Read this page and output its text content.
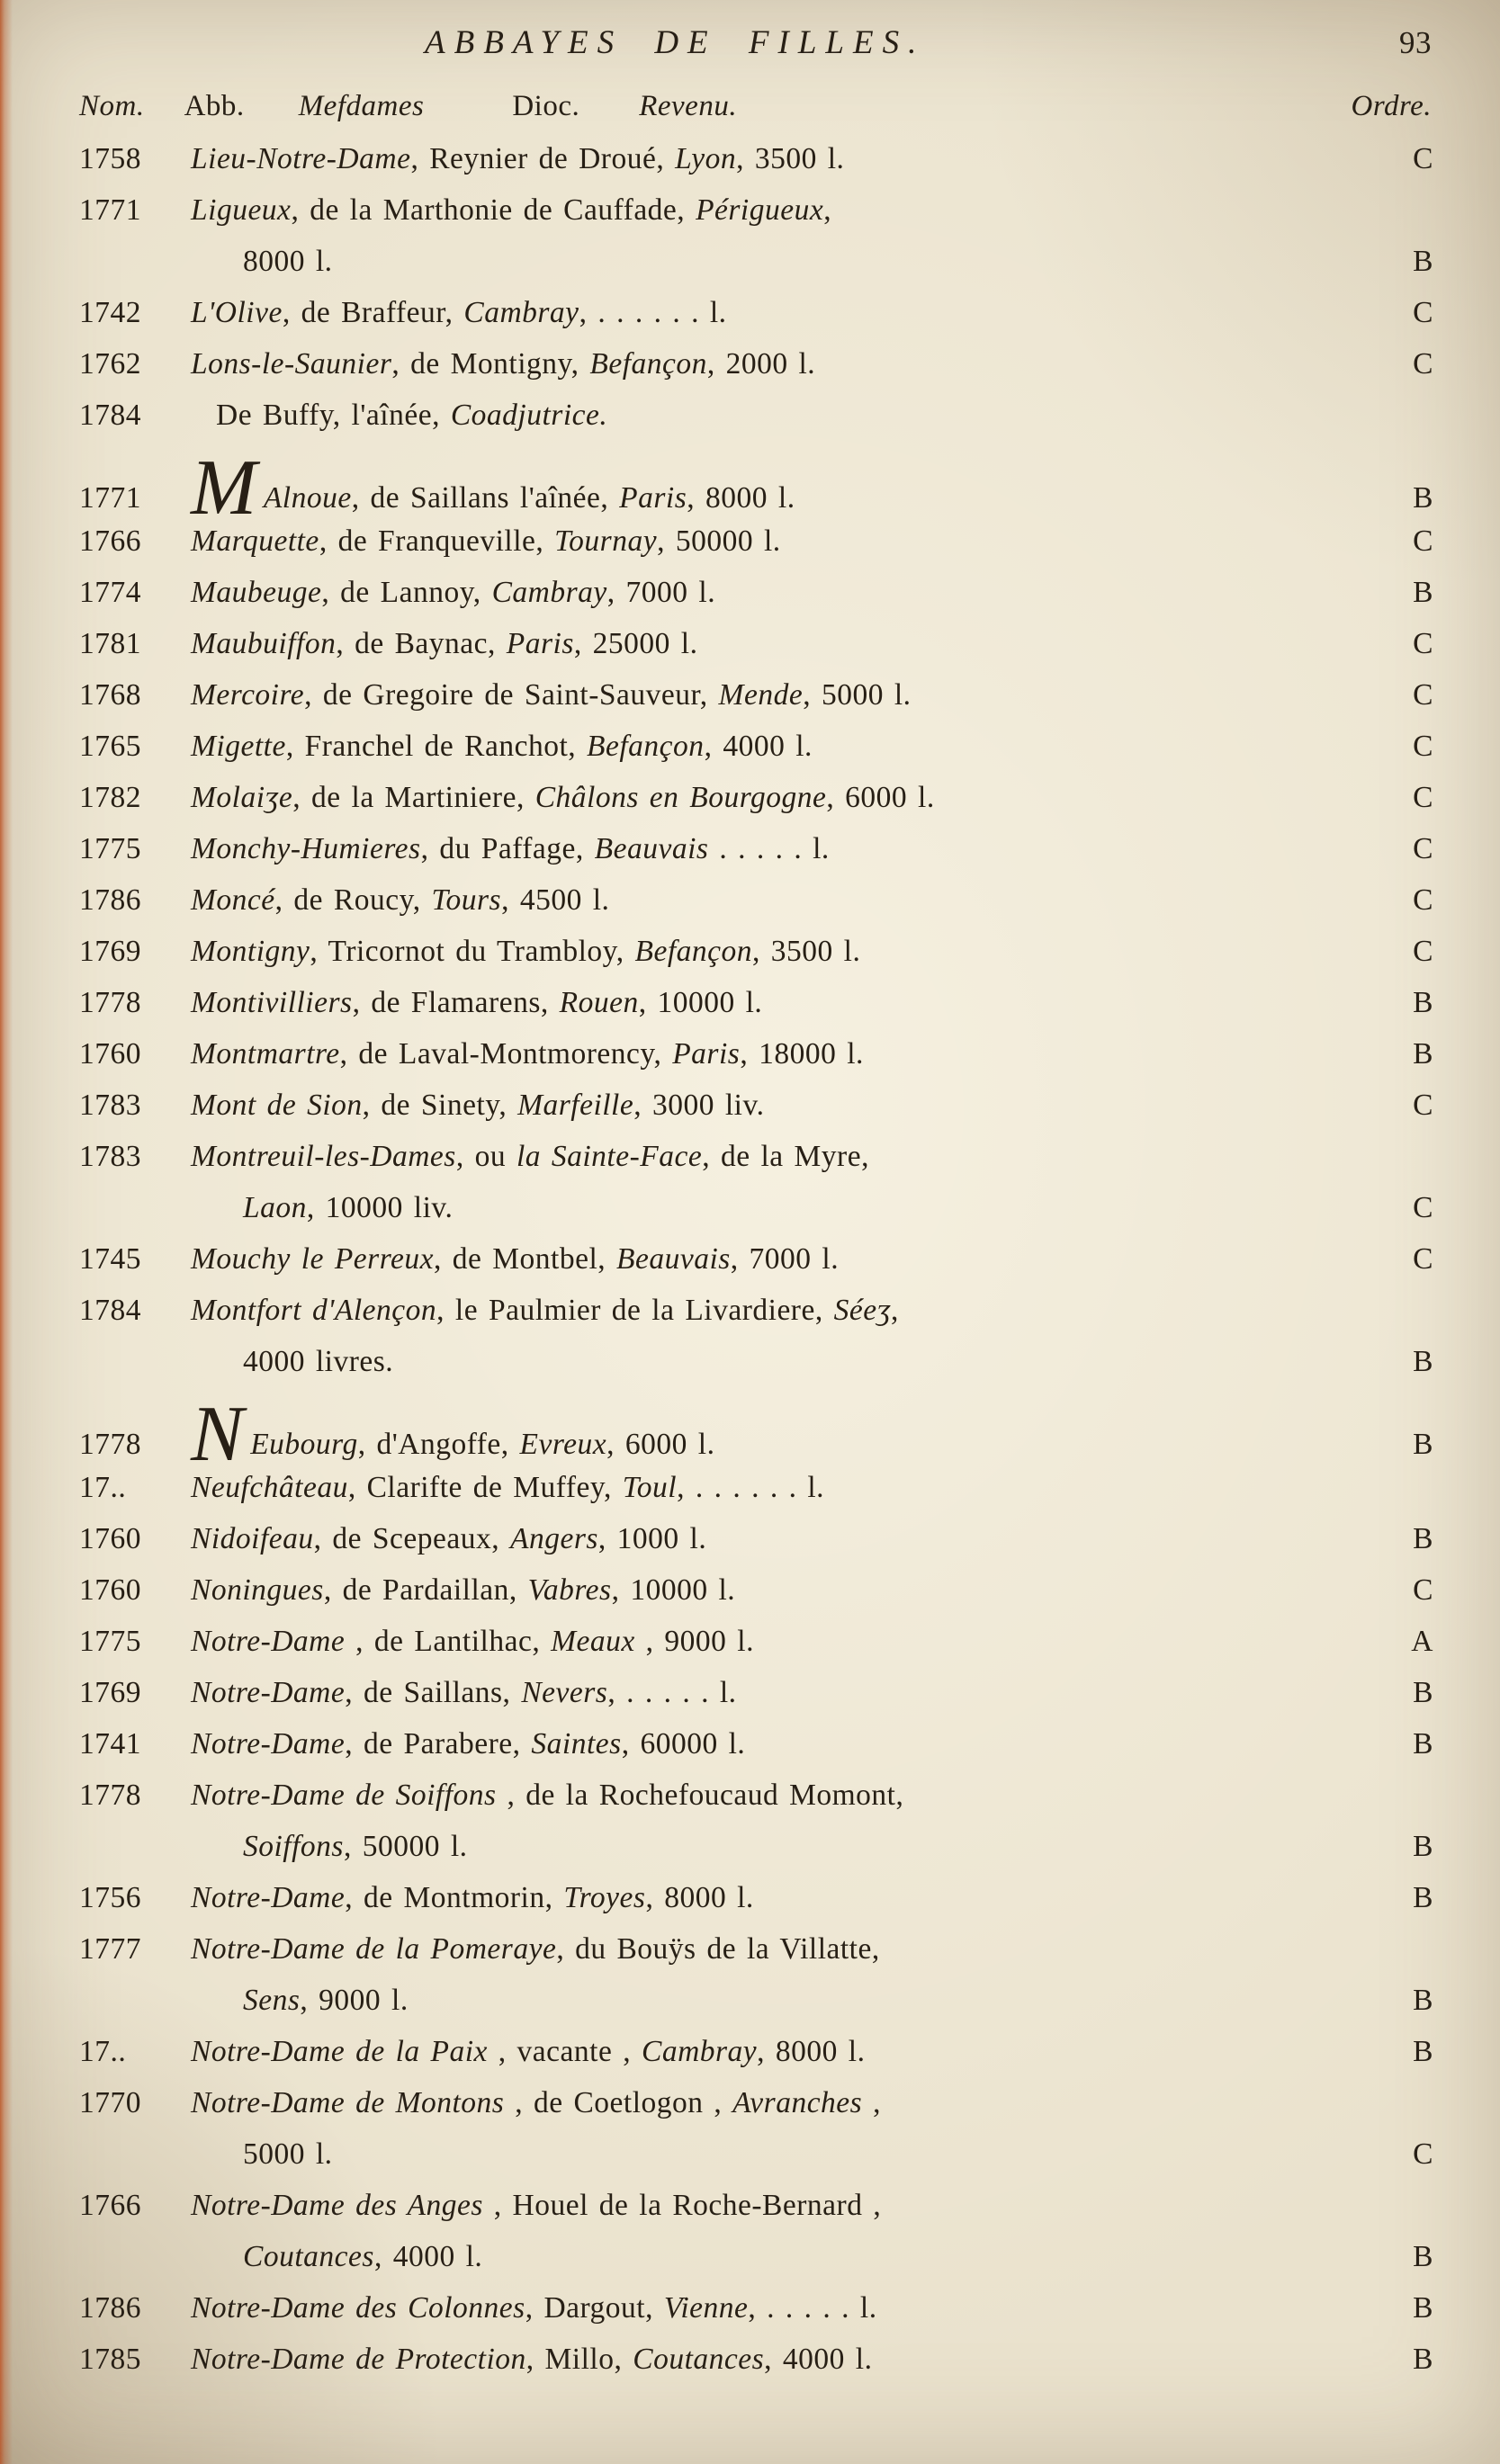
ABBAYES DE FILLES.	93
Nom. Abb. Mefdames	Dioc. Revenu.	Ordre.
1758	Lieu-Notre-Dame, Reynier de Droué, Lyon, 3500 l.	C
1771	Ligueux, de la Marthonie de Cauffade, Périgueux,
8000 l.	B
1742	L'Olive, de Braffeur, Cambray, . . . . . . l.	C
1762	Lons-le-Saunier, de Montigny, Befançon, 2000 l.	C
1784	De Buffy, l'aînée, Coadjutrice.
1771 M Alnoue, de Saillans l'aînée, Paris, 8000 l.	B
1766	Marquette, de Franqueville, Tournay, 50000 l.	C
1774	Maubeuge, de Lannoy, Cambray, 7000 l.	B
1781	Maubuiffon, de Baynac, Paris, 25000 l.	C
1768	Mercoire, de Gregoire de Saint-Sauveur, Mende, 5000 l.	C
1765	Migette, Franchel de Ranchot, Befançon, 4000 l.	C
1782	Molaiʒe, de la Martiniere, Châlons en Bourgogne, 6000 l.	C
1775	Monchy-Humieres, du Paffage, Beauvais . . . . . l.	C
1786	Moncé, de Roucy, Tours, 4500 l.	C
1769	Montigny, Tricornot du Trambloy, Befançon, 3500 l.	C
1778	Montivilliers, de Flamarens, Rouen, 10000 l.	B
1760	Montmartre, de Laval-Montmorency, Paris, 18000 l.	B
1783	Mont de Sion, de Sinety, Marfeille, 3000 liv.	C
1783	Montreuil-les-Dames, ou la Sainte-Face, de la Myre,
Laon, 10000 liv.	C
1745	Mouchy le Perreux, de Montbel, Beauvais, 7000 l.	C
1784	Montfort d'Alençon, le Paulmier de la Livardiere, Séeʒ,
4000 livres.	B
1778 N Eubourg, d'Angoffe, Evreux, 6000 l.	B
17..	Neufchâteau, Clarifte de Muffey, Toul, . . . . . . l.
1760	Nidoifeau, de Scepeaux, Angers, 1000 l.	B
1760	Noningues, de Pardaillan, Vabres, 10000 l.	C
1775	Notre-Dame , de Lantilhac, Meaux , 9000 l.	A
1769	Notre-Dame, de Saillans, Nevers, . . . . . l.	B
1741	Notre-Dame, de Parabere, Saintes, 60000 l.	B
1778	Notre-Dame de Soiffons , de la Rochefoucaud Momont,
Soiffons, 50000 l.	B
1756	Notre-Dame, de Montmorin, Troyes, 8000 l.	B
1777	Notre-Dame de la Pomeraye, du Bouÿs de la Villatte,
Sens, 9000 l.	B
17..	Notre-Dame de la Paix , vacante , Cambray, 8000 l.	B
1770	Notre-Dame de Montons , de Coetlogon , Avranches ,
5000 l.	C
1766	Notre-Dame des Anges , Houel de la Roche-Bernard ,
Coutances, 4000 l.	B
1786	Notre-Dame des Colonnes, Dargout, Vienne, . . . . . l.	B
1785	Notre-Dame de Protection, Millo, Coutances, 4000 l.	B
